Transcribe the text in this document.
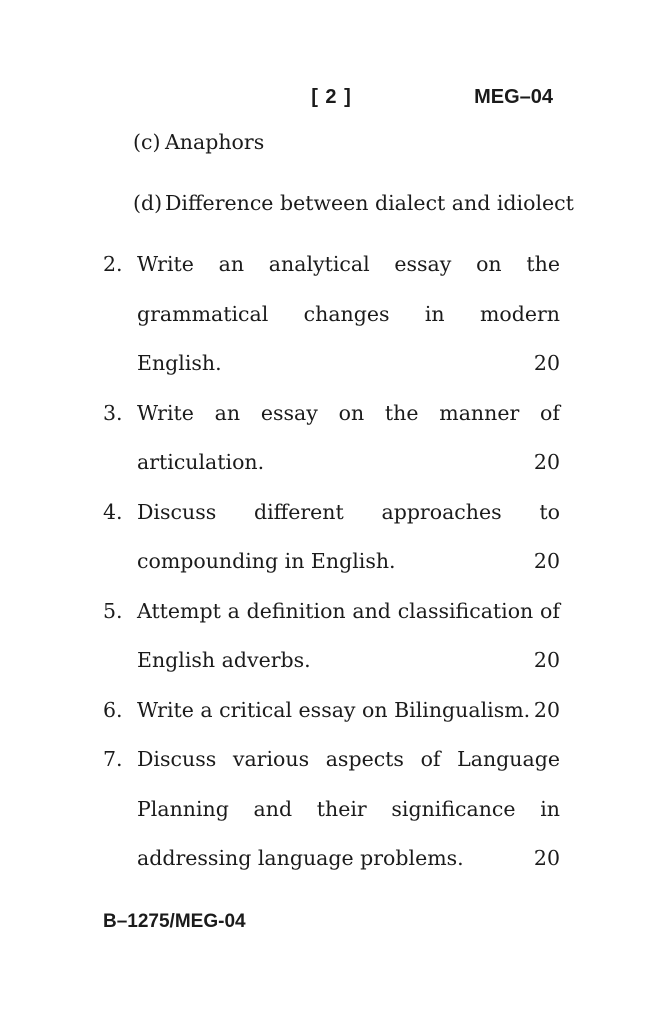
[ 2 ]	MEG–04
(c) Anaphors
(d) Difference between dialect and idiolect
2. Write an analytical essay on the
grammatical changes in modern
English.	20
3. Write an essay on the manner of
articulation.	20
4. Discuss different approaches to
compounding in English.	20
5. Attempt a definition and classification of
English adverbs.	20
6. Write a critical essay on Bilingualism. 20
7. Discuss various aspects of Language
Planning and their significance in
addressing language problems.	20
B–1275/MEG-04
